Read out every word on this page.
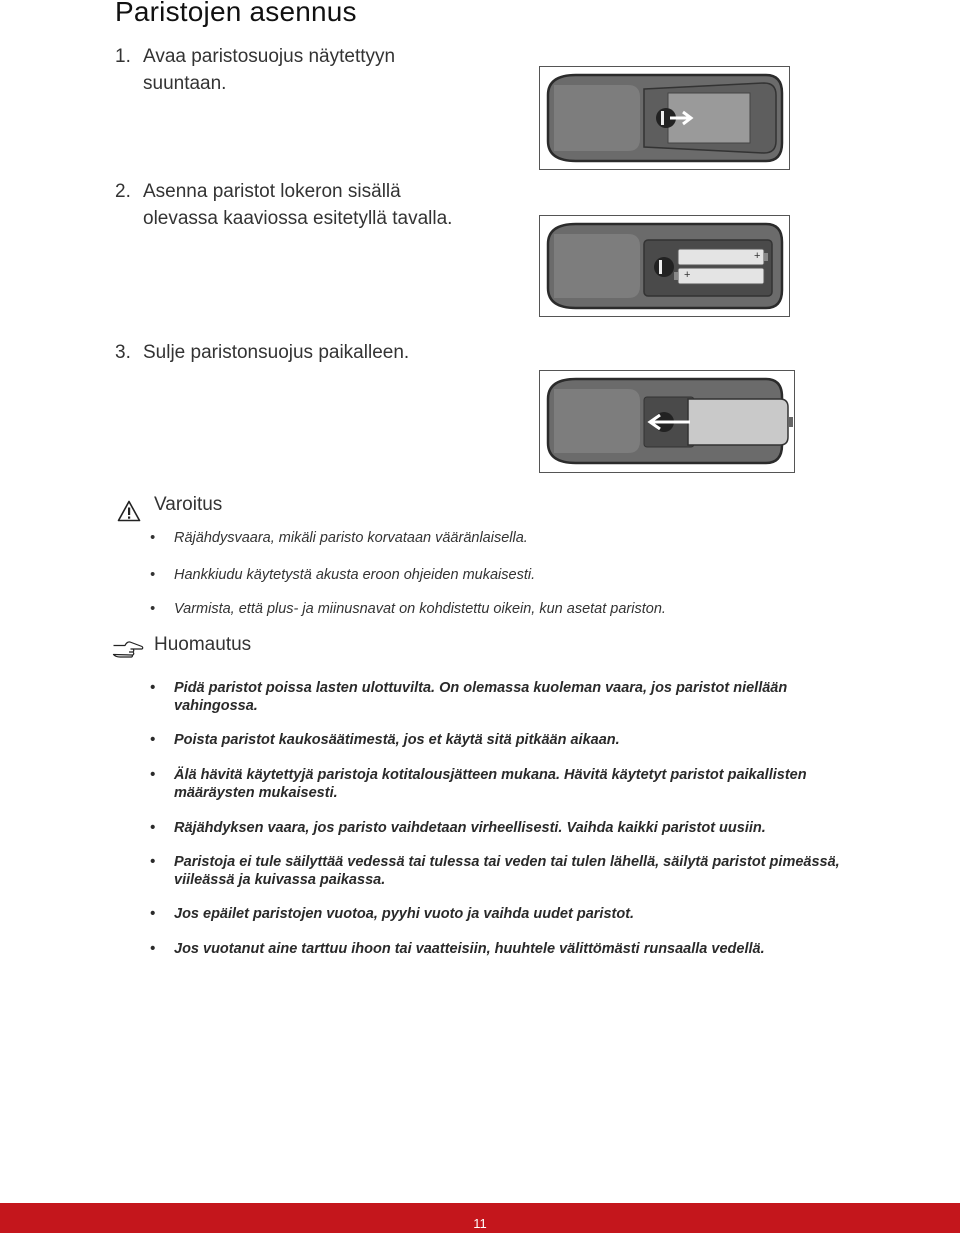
Paristojen asennus
1. Avaa paristosuojus näytettyyn
suuntaan.
2. Asenna paristot lokeron sisällä
olevassa kaaviossa esitetyllä tavalla.
3. Sulje paristonsuojus paikalleen.
+
+
Varoitus
• Räjähdysvaara, mikäli paristo korvataan vääränlaisella.
• Hankkiudu käytetystä akusta eroon ohjeiden mukaisesti.
• Varmista, että plus- ja miinusnavat on kohdistettu oikein, kun asetat pariston.
Huomautus
• Pidä paristot poissa lasten ulottuvilta. On olemassa kuoleman vaara, jos paristot niellään vahingossa.
• Poista paristot kaukosäätimestä, jos et käytä sitä pitkään aikaan.
• Älä hävitä käytettyjä paristoja kotitalousjätteen mukana. Hävitä käytetyt paristot paikallisten määräysten mukaisesti.
• Räjähdyksen vaara, jos paristo vaihdetaan virheellisesti. Vaihda kaikki paristot uusiin.
• Paristoja ei tule säilyttää vedessä tai tulessa tai veden tai tulen lähellä, säilytä paristot pimeässä, viileässä ja kuivassa paikassa.
• Jos epäilet paristojen vuotoa, pyyhi vuoto ja vaihda uudet paristot.
• Jos vuotanut aine tarttuu ihoon tai vaatteisiin, huuhtele välittömästi runsaalla vedellä.
11
